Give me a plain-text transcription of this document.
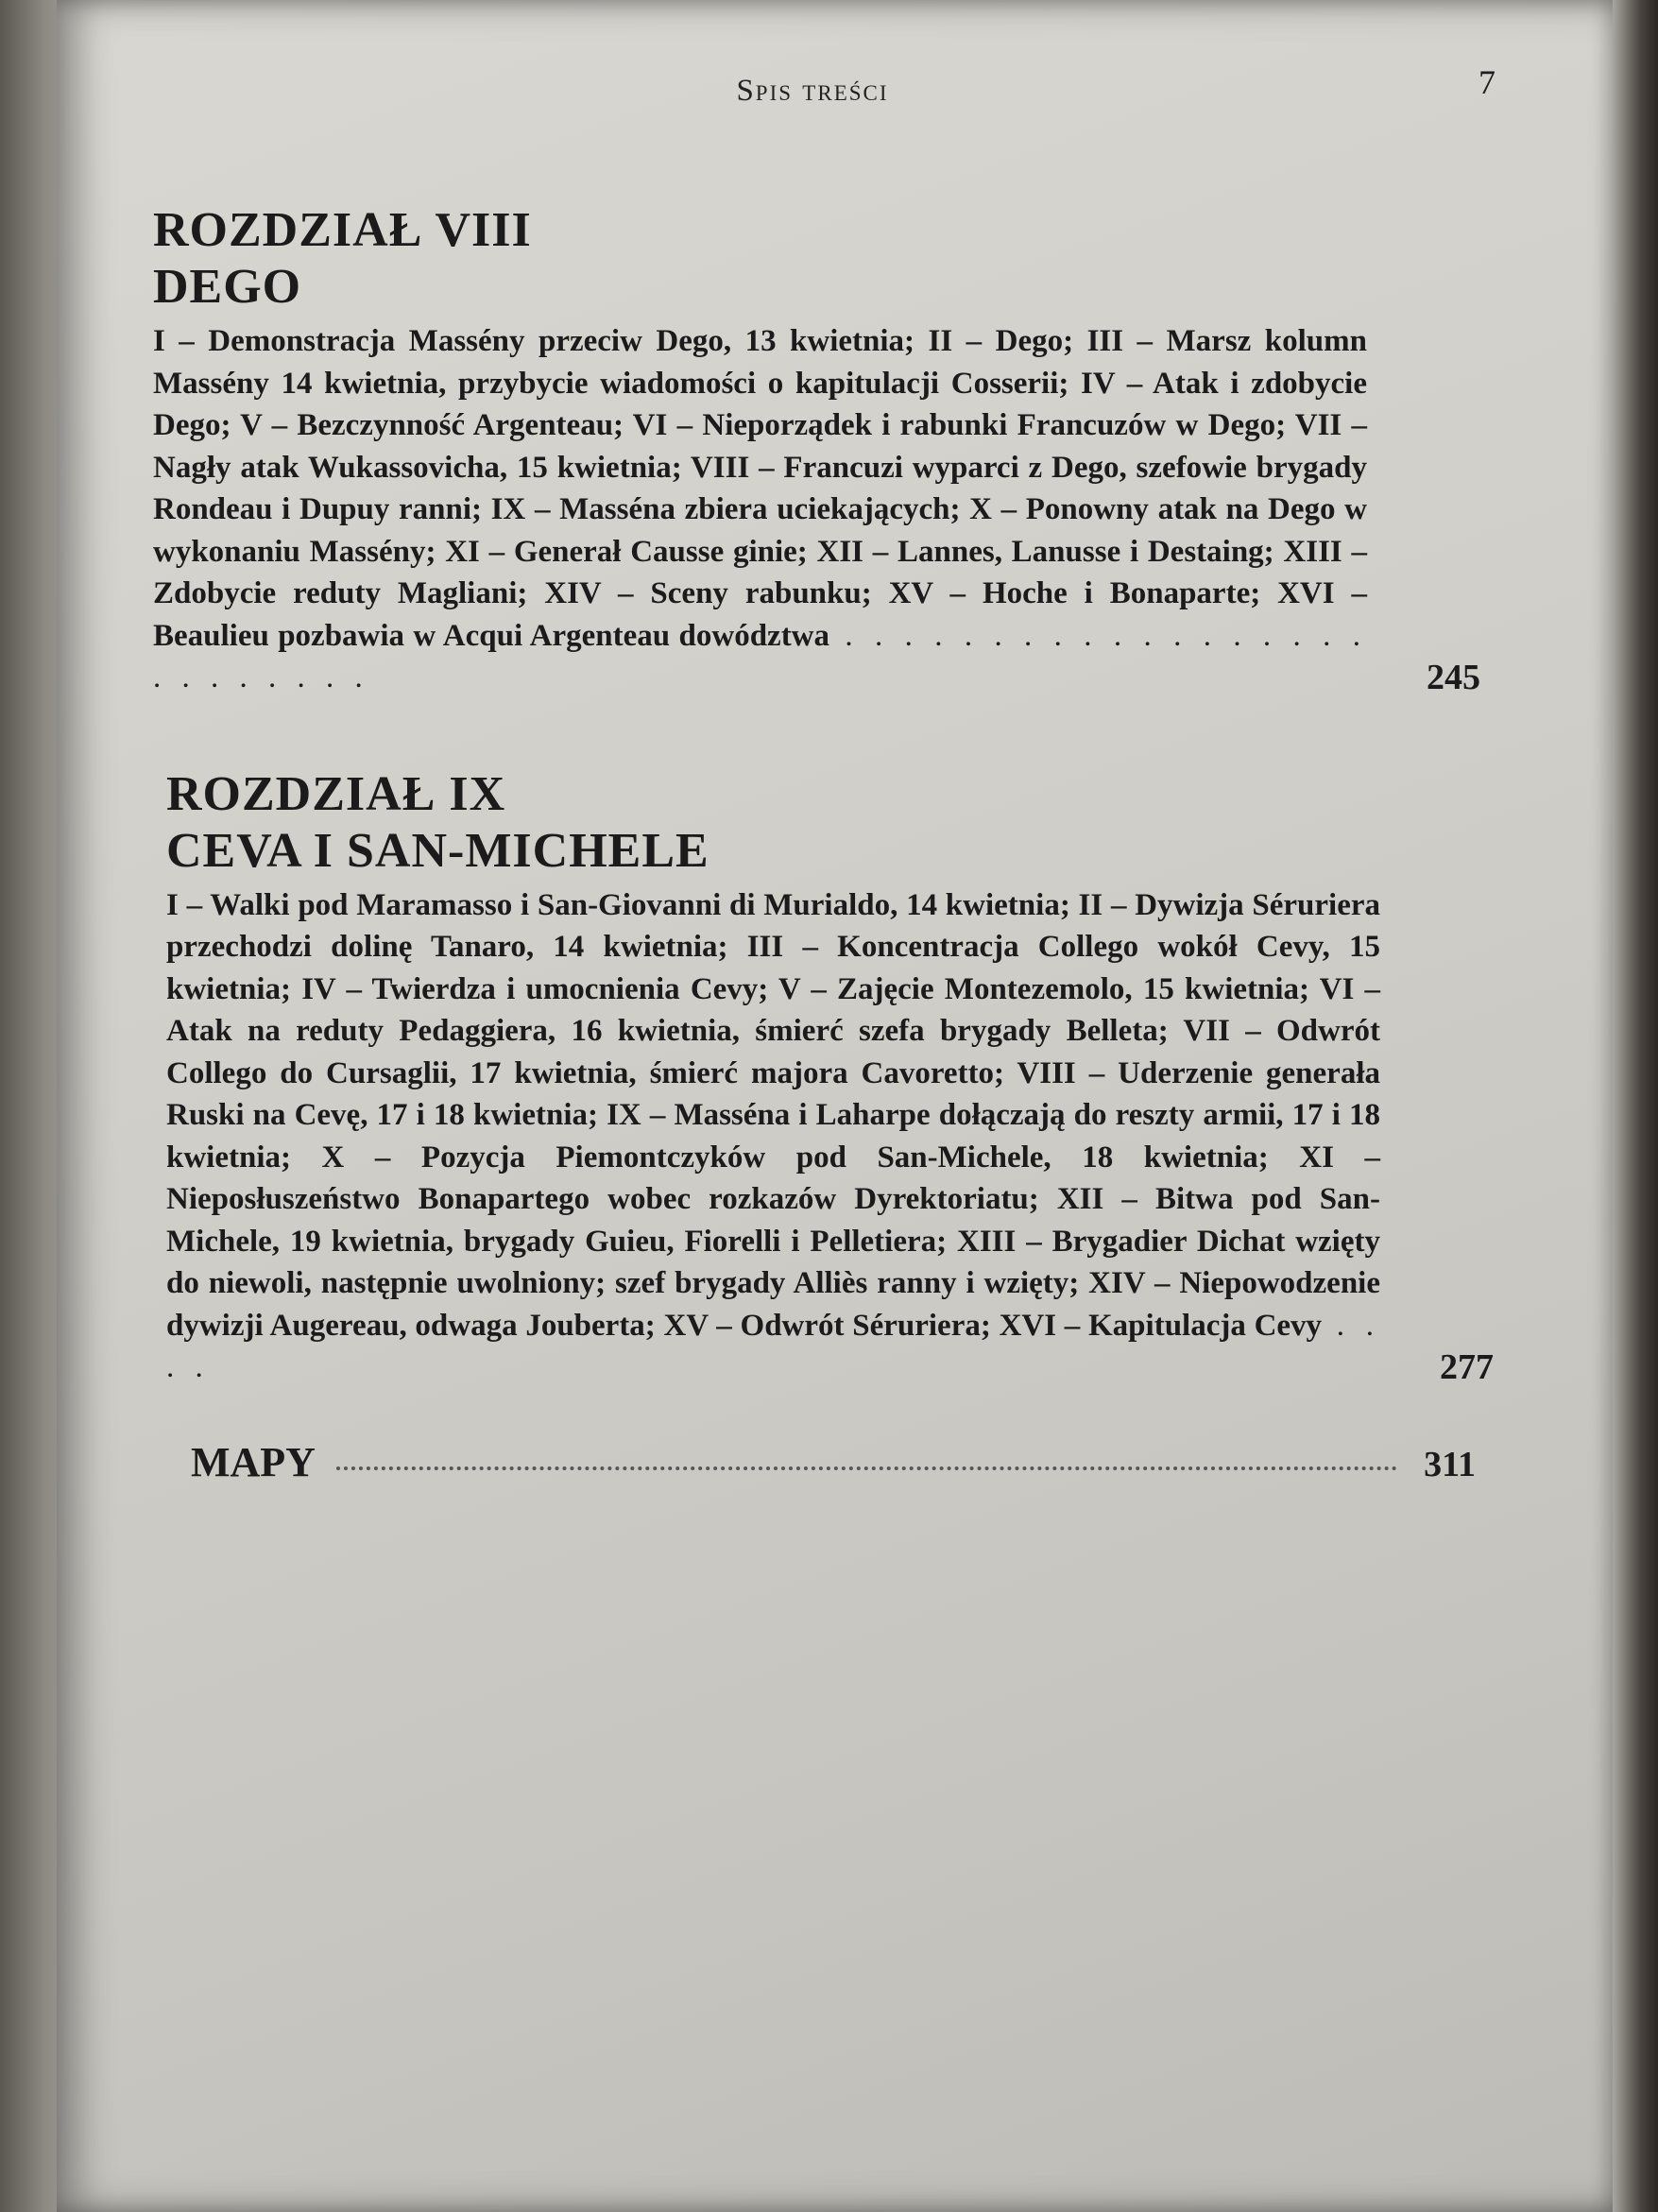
Spis treści	7
ROZDZIAŁ VIII
DEGO
I – Demonstracja Massény przeciw Dego, 13 kwietnia; II – Dego; III – Marsz kolumn Massény 14 kwietnia, przybycie wiadomości o kapitulacji Cosserii; IV – Atak i zdobycie Dego; V – Bezczynność Argenteau; VI – Nieporządek i rabunki Francuzów w Dego; VII – Nagły atak Wukassovicha, 15 kwietnia; VIII – Francuzi wyparci z Dego, szefowie brygady Rondeau i Dupuy ranni; IX – Masséna zbiera uciekających; X – Ponowny atak na Dego w wykonaniu Massény; XI – Generał Causse ginie; XII – Lannes, Lanusse i Destaing; XIII – Zdobycie reduty Magliani; XIV – Sceny rabunku; XV – Hoche i Bonaparte; XVI – Beaulieu pozbawia w Acqui Argenteau dowództwa . . . . . . . . . . . . . . . . . . . . . . . . . .	245
ROZDZIAŁ IX
CEVA I SAN-MICHELE
I – Walki pod Maramasso i San-Giovanni di Murialdo, 14 kwietnia; II – Dywizja Séruriera przechodzi dolinę Tanaro, 14 kwietnia; III – Koncentracja Collego wokół Cevy, 15 kwietnia; IV – Twierdza i umocnienia Cevy; V – Zajęcie Montezemolo, 15 kwietnia; VI – Atak na reduty Pedaggiera, 16 kwietnia, śmierć szefa brygady Belleta; VII – Odwrót Collego do Cursaglii, 17 kwietnia, śmierć majora Cavoretto; VIII – Uderzenie generała Ruski na Cevę, 17 i 18 kwietnia; IX – Masséna i Laharpe dołączają do reszty armii, 17 i 18 kwietnia; X – Pozycja Piemontczyków pod San-Michele, 18 kwietnia; XI – Nieposłuszeństwo Bonapartego wobec rozkazów Dyrektoriatu; XII – Bitwa pod San-Michele, 19 kwietnia, brygady Guieu, Fiorelli i Pelletiera; XIII – Brygadier Dichat wzięty do niewoli, następnie uwolniony; szef brygady Alliès ranny i wzięty; XIV – Niepowodzenie dywizji Augereau, odwaga Jouberta; XV – Odwrót Séruriera; XVI – Kapitulacja Cevy . . . .	277
MAPY	311
